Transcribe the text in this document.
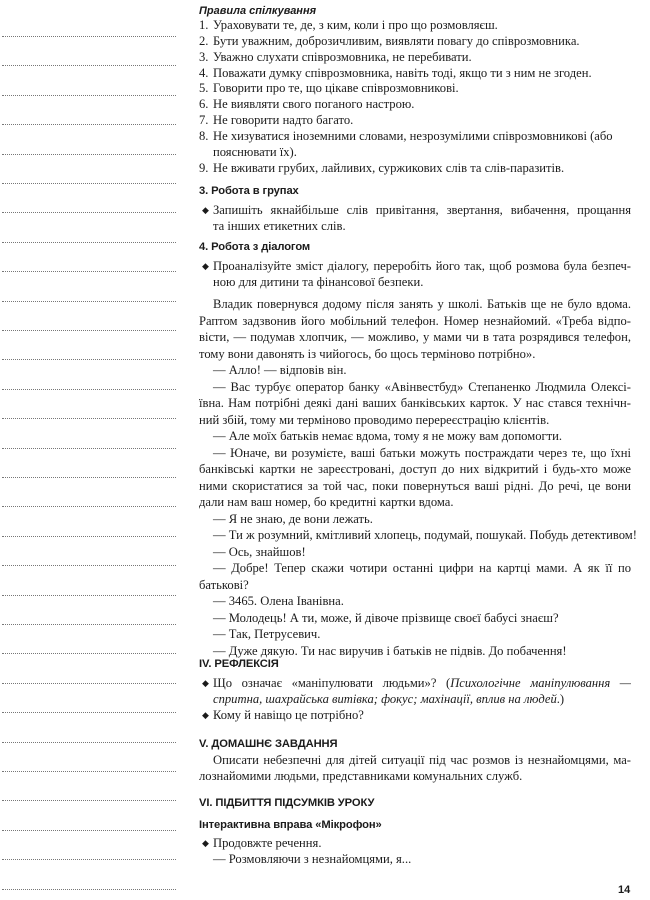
Правила спілкування
1. Ураховувати те, де, з ким, коли і про що розмовляєш.
2. Бути уважним, доброзичливим, виявляти повагу до співрозмовника.
3. Уважно слухати співрозмовника, не перебивати.
4. Поважати думку співрозмовника, навіть тоді, якщо ти з ним не згоден.
5. Говорити про те, що цікаве співрозмовникові.
6. Не виявляти свого поганого настрою.
7. Не говорити надто багато.
8. Не хизуватися іноземними словами, незрозумілими співрозмовникові (або
пояснювати їх).
9. Не вживати грубих, лайливих, суржикових слів та слів-паразитів.
3. Робота в групах
◆ Запишіть якнайбільше слів привітання, звертання, вибачення, прощання
та інших етикетних слів.
4. Робота з діалогом
◆ Проаналізуйте зміст діалогу, переробіть його так, щоб розмова була безпеч-
ною для дитини та фінансової безпеки.
Владик повернувся додому після занять у школі. Батьків ще не було вдома.
Раптом задзвонив його мобільний телефон. Номер незнайомий. «Треба відпо-
вісти, — подумав хлопчик, — можливо, у мами чи в тата розрядився телефон,
тому вони давонять із чийогось, бо щось терміново потрібно».
— Алло! — відповів він.
— Вас турбує оператор банку «Авінвестбуд» Степаненко Людмила Олексі-
ївна. Нам потрібні деякі дані ваших банківських карток. У нас стався технічн-
ний збій, тому ми терміново проводимо перереєстрацію клієнтів.
— Але моїх батьків немає вдома, тому я не можу вам допомогти.
— Юначе, ви розумієте, ваші батьки можуть постраждати через те, що їхні
банківські картки не зареєстровані, доступ до них відкритий і будь-хто може
ними скористатися за той час, поки повернуться ваші рідні. До речі, це вони
дали нам ваш номер, бо кредитні картки вдома.
— Я не знаю, де вони лежать.
— Ти ж розумний, кмітливий хлопець, подумай, пошукай. Побудь детективом!
— Ось, знайшов!
— Добре! Тепер скажи чотири останні цифри на картці мами. А як її по
батькові?
— 3465. Олена Іванівна.
— Молодець! А ти, може, й дівоче прізвище своєї бабусі знаєш?
— Так, Петрусевич.
— Дуже дякую. Ти нас виручив і батьків не підвів. До побачення!
IV. РЕФЛЕКСІЯ
◆ Що означає «маніпулювати людьми»? (Психологічне маніпулювання —
спритна, шахрайська витівка; фокус; махінації, вплив на людей.)
◆ Кому й навіщо це потрібно?
V. ДОМАШНЄ ЗАВДАННЯ
Описати небезпечні для дітей ситуації під час розмов із незнайомцями, ма-
лознайомими людьми, представниками комунальних служб.
VI. ПІДБИТТЯ ПІДСУМКІВ УРОКУ
Інтерактивна вправа «Мікрофон»
◆ Продовжте речення.
— Розмовляючи з незнайомцями, я...
14
